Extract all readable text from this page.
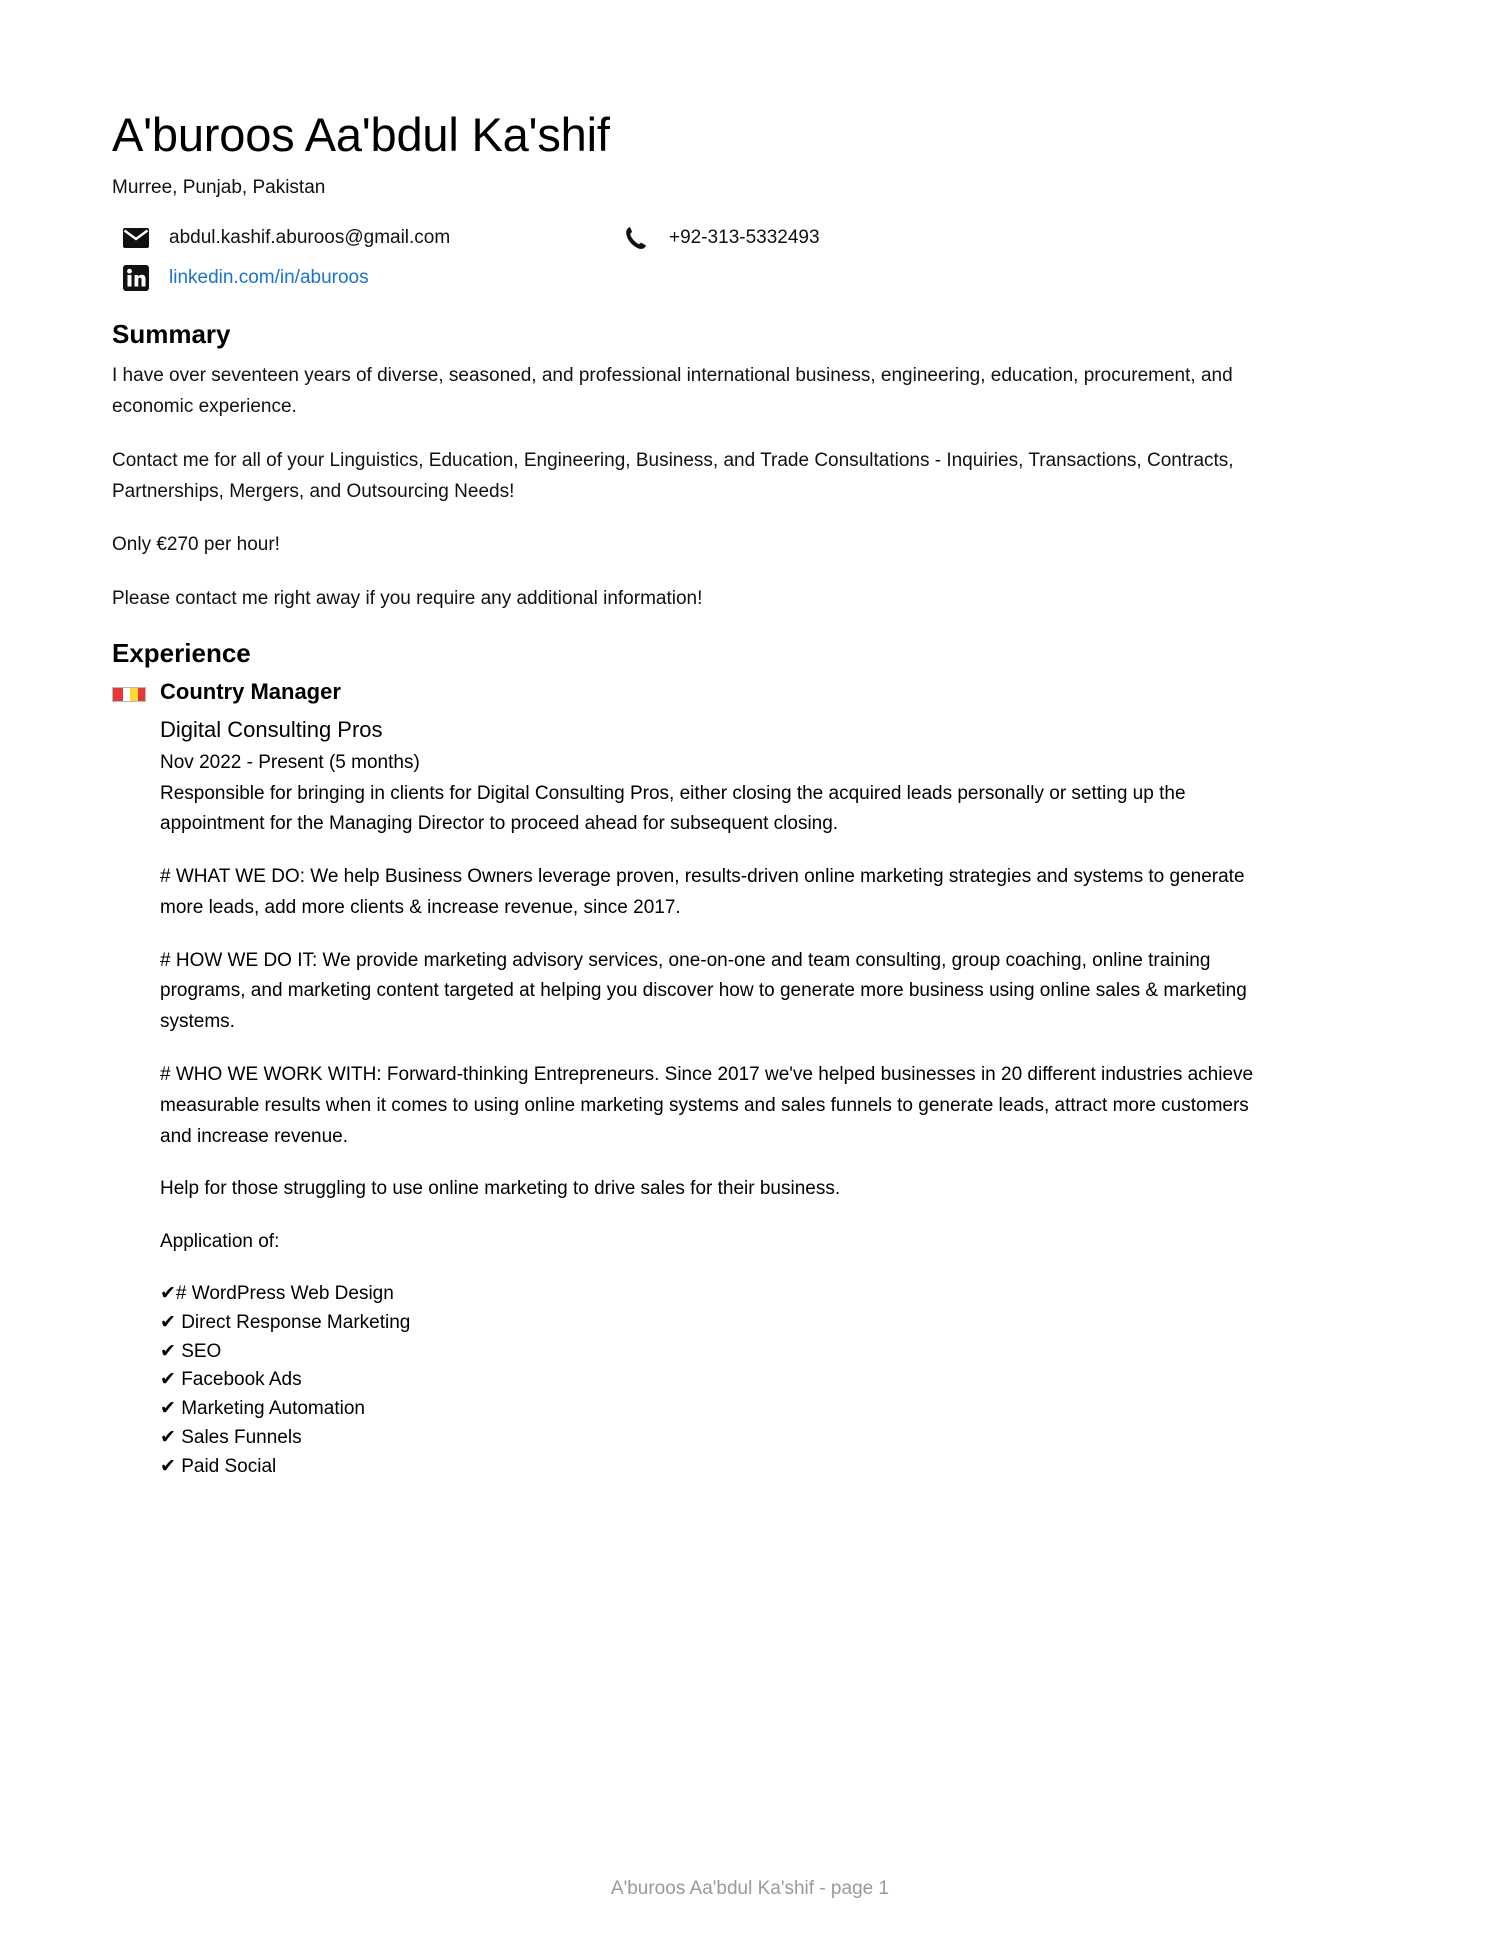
A'buroos Aa'bdul Ka'shif
Murree, Punjab, Pakistan
abdul.kashif.aburoos@gmail.com	+92-313-5332493
linkedin.com/in/aburoos
Summary

I have over seventeen years of diverse, seasoned, and professional international business, engineering, education, procurement, and economic experience.

Contact me for all of your Linguistics, Education, Engineering, Business, and Trade Consultations - Inquiries, Transactions, Contracts, Partnerships, Mergers, and Outsourcing Needs!

Only €270 per hour!

Please contact me right away if you require any additional information!

Experience
Country Manager
Digital Consulting Pros
Nov 2022 - Present (5 months)

Responsible for bringing in clients for Digital Consulting Pros, either closing the acquired leads personally or setting up the appointment for the Managing Director to proceed ahead for subsequent closing.

# WHAT WE DO: We help Business Owners leverage proven, results-driven online marketing strategies and systems to generate more leads, add more clients & increase revenue, since 2017.

# HOW WE DO IT: We provide marketing advisory services, one-on-one and team consulting, group coaching, online training programs, and marketing content targeted at helping you discover how to generate more business using online sales & marketing systems.

# WHO WE WORK WITH: Forward-thinking Entrepreneurs. Since 2017 we've helped businesses in 20 different industries achieve measurable results when it comes to using online marketing systems and sales funnels to generate leads, attract more customers and increase revenue.

Help for those struggling to use online marketing to drive sales for their business.

Application of:

✔# WordPress Web Design
✔ Direct Response Marketing
✔ SEO
✔ Facebook Ads
✔ Marketing Automation
✔ Sales Funnels
✔ Paid Social
A'buroos Aa'bdul Ka'shif - page 1
